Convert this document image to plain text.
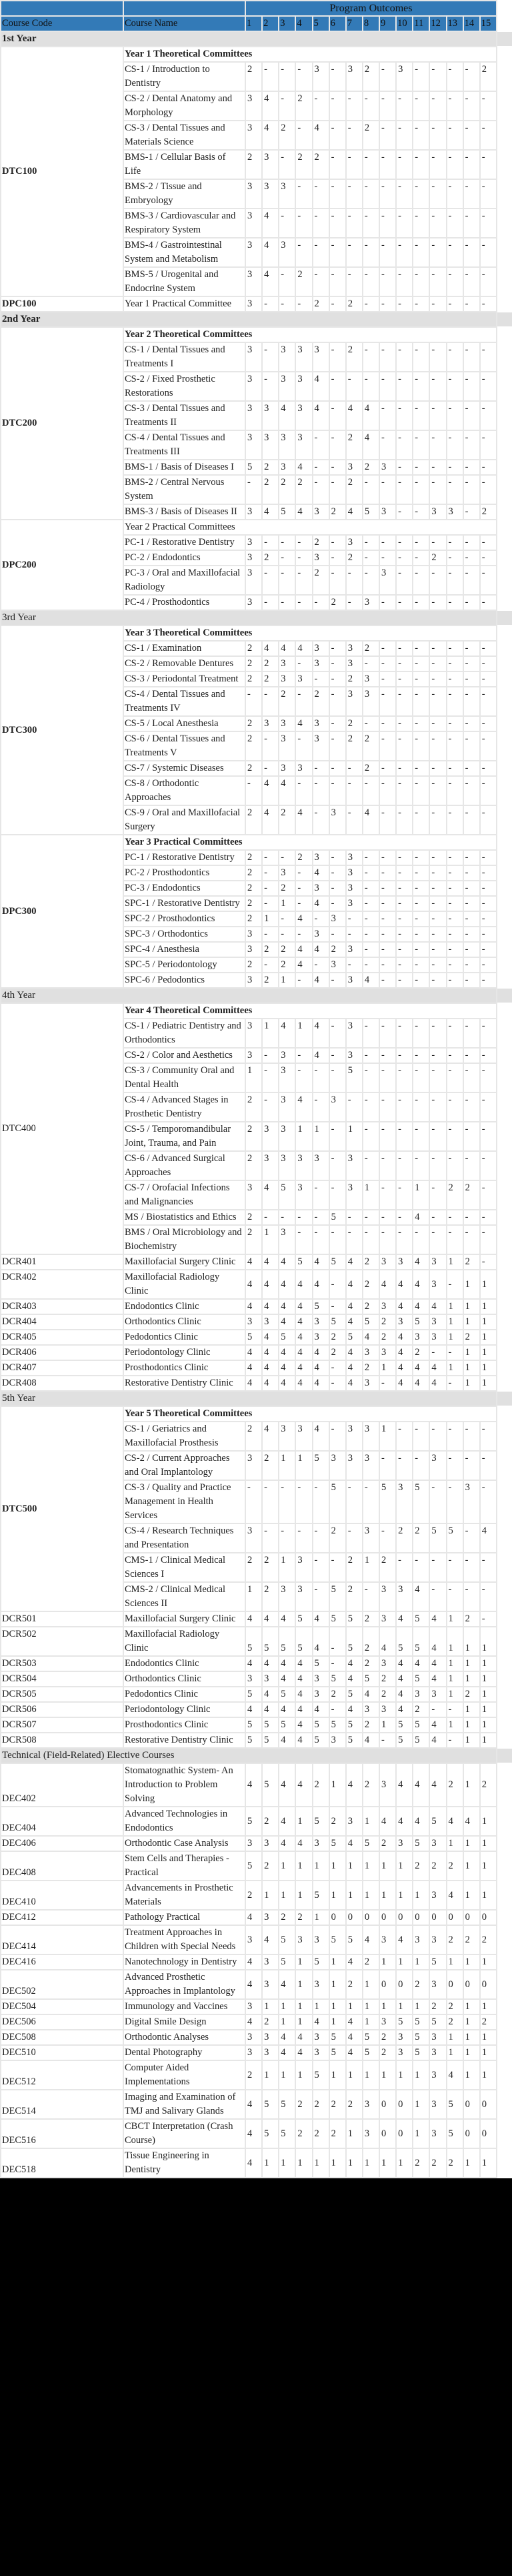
		Program Outcomes														
Course Code	Course Name	1	2	3	4	5	6	7	8	9	10	11	12	13	14	15
1st Year																
DTC100	Year 1 Theoretical Committees															
	CS-1 / Introduction to Dentistry	2	-	-	-	3	-	3	2	-	3	-	-	-	-	2
	CS-2 / Dental Anatomy and Morphology	3	4	-	2	-	-	-	-	-	-	-	-	-	-	-
	CS-3 / Dental Tissues and Materials Science	3	4	2	-	4	-	-	2	-	-	-	-	-	-	-
	BMS-1 / Cellular Basis of Life	2	3	-	2	2	-	-	-	-	-	-	-	-	-	-
	BMS-2 / Tissue and Embryology	3	3	3	-	-	-	-	-	-	-	-	-	-	-	-
	BMS-3 / Cardiovascular and Respiratory System	3	4	-	-	-	-	-	-	-	-	-	-	-	-	-
	BMS-4 / Gastrointestinal System and Metabolism	3	4	3	-	-	-	-	-	-	-	-	-	-	-	-
	BMS-5 / Urogenital and Endocrine System	3	4	-	2	-	-	-	-	-	-	-	-	-	-	-
DPC100	Year 1 Practical Committee	3	-	-	-	2	-	2	-	-	-	-	-	-	-	-
2nd Year																
DTC200	Year 2 Theoretical Committees															
	CS-1 / Dental Tissues and Treatments I	3	-	3	3	3	-	2	-	-	-	-	-	-	-	-
	CS-2 / Fixed Prosthetic Restorations	3	-	3	3	4	-	-	-	-	-	-	-	-	-	-
	CS-3 / Dental Tissues and Treatments II	3	3	4	3	4	-	4	4	-	-	-	-	-	-	-
	CS-4 / Dental Tissues and Treatments III	3	3	3	3	-	-	2	4	-	-	-	-	-	-	-
	BMS-1 / Basis of Diseases I	5	2	3	4	-	-	3	2	3	-	-	-	-	-	-
	BMS-2 / Central Nervous System	-	2	2	2	-	-	2	-	-	-	-	-	-	-	-
	BMS-3 / Basis of Diseases II	3	4	5	4	3	2	4	5	3	-	-	3	3	-	2
DPC200	Year 2 Practical Committees															
	PC-1 / Restorative Dentistry	3	-	-	-	2	-	3	-	-	-	-	-	-	-	-
	PC-2 / Endodontics	3	2	-	-	3	-	2	-	-	-	-	2	-	-	-
	PC-3 / Oral and Maxillofacial Radiology	3	-	-	-	2	-	-	-	3	-	-	-	-	-	-
	PC-4 / Prosthodontics	3	-	-	-	-	2	-	3	-	-	-	-	-	-	-
3rd Year																
DTC300	Year 3 Theoretical Committees															
	CS-1 / Examination	2	4	4	4	3	-	3	2	-	-	-	-	-	-	-
	CS-2 / Removable Dentures	2	2	3	-	3	-	3	-	-	-	-	-	-	-	-
	CS-3 / Periodontal Treatment	2	2	3	3	-	-	2	3	-	-	-	-	-	-	-
	CS-4 / Dental Tissues and Treatments IV	-	-	2	-	2	-	3	3	-	-	-	-	-	-	-
	CS-5 / Local Anesthesia	2	3	3	4	3	-	2	-	-	-	-	-	-	-	-
	CS-6 / Dental Tissues and Treatments V	2	-	3	-	3	-	2	2	-	-	-	-	-	-	-
	CS-7 / Systemic Diseases	2	-	3	3	-	-	-	2	-	-	-	-	-	-	-
	CS-8 / Orthodontic Approaches	-	4	4	-	-	-	-	-	-	-	-	-	-	-	-
	CS-9 / Oral and Maxillofacial Surgery	2	4	2	4	-	3	-	4	-	-	-	-	-	-	-
DPC300	Year 3 Practical Committees															
	PC-1 / Restorative Dentistry	2	-	-	2	3	-	3	-	-	-	-	-	-	-	-
	PC-2 / Prosthodontics	2	-	3	-	4	-	3	-	-	-	-	-	-	-	-
	PC-3 / Endodontics	2	-	2	-	3	-	3	-	-	-	-	-	-	-	-
	SPC-1 / Restorative Dentistry	2	-	1	-	4	-	3	-	-	-	-	-	-	-	-
	SPC-2 / Prosthodontics	2	1	-	4	-	3	-	-	-	-	-	-	-	-	-
	SPC-3 / Orthodontics	3	-	-	-	3	-	-	-	-	-	-	-	-	-	-
	SPC-4 / Anesthesia	3	2	2	4	4	2	3	-	-	-	-	-	-	-	-
	SPC-5 / Periodontology	2	-	2	4	-	3	-	-	-	-	-	-	-	-	-
	SPC-6 / Pedodontics	3	2	1	-	4	-	3	4	-	-	-	-	-	-	-
4th Year																
DTC400	Year 4 Theoretical Committees															
	CS-1 / Pediatric Dentistry and Orthodontics	3	1	4	1	4	-	3	-	-	-	-	-	-	-	-
	CS-2 / Color and Aesthetics	3	-	3	-	4	-	3	-	-	-	-	-	-	-	-
	CS-3 / Community Oral and Dental Health	1	-	3	-	-	-	5	-	-	-	-	-	-	-	-
	CS-4 / Advanced Stages in Prosthetic Dentistry	2	-	3	4	-	3	-	-	-	-	-	-	-	-	-
	CS-5 / Temporomandibular Joint, Trauma, and Pain	2	3	3	1	1	-	1	-	-	-	-	-	-	-	-
	CS-6 / Advanced Surgical Approaches	2	3	3	3	3	-	3	-	-	-	-	-	-	-	-
	CS-7 / Orofacial Infections and Malignancies	3	4	5	3	-	-	3	1	-	-	1	-	2	2	-
	MS / Biostatistics and Ethics	2	-	-	-	-	5	-	-	-	-	4	-	-	-	-
	BMS / Oral Microbiology and Biochemistry	2	1	3	-	-	-	-	-	-	-	-	-	-	-	-
DCR401	Maxillofacial Surgery Clinic	4	4	4	5	4	5	4	2	3	3	4	3	1	2	-
DCR402	Maxillofacial Radiology Clinic	4	4	4	4	4	-	4	2	4	4	4	3	-	1	1
DCR403	Endodontics Clinic	4	4	4	4	5	-	4	2	3	4	4	4	1	1	1
DCR404	Orthodontics Clinic	3	3	4	4	3	5	4	5	2	3	5	3	1	1	1
DCR405	Pedodontics Clinic	5	4	5	4	3	2	5	4	2	4	3	3	1	2	1
DCR406	Periodontology Clinic	4	4	4	4	4	2	4	3	3	4	2	-	-	1	1
DCR407	Prosthodontics Clinic	4	4	4	4	4	-	4	2	1	4	4	4	1	1	1
DCR408	Restorative Dentistry Clinic	4	4	4	4	4	-	4	3	-	4	4	4	-	1	1
5th Year																
DTC500	Year 5 Theoretical Committees															
	CS-1 / Geriatrics and Maxillofacial Prosthesis	2	4	3	3	4	-	3	3	1	-	-	-	-	-	-
	CS-2 / Current Approaches and Oral Implantology	3	2	1	1	5	3	3	3	-	-	-	3	-	-	-
	CS-3 / Quality and Practice Management in Health Services	-	-	-	-	-	5	-	-	5	3	5	-	-	3	-
	CS-4 / Research Techniques and Presentation	3	-	-	-	-	2	-	3	-	2	2	5	5	-	4
	CMS-1 / Clinical Medical Sciences I	2	2	1	3	-	-	2	1	2	-	-	-	-	-	-
	CMS-2 / Clinical Medical Sciences II	1	2	3	3	-	5	2	-	3	3	4	-	-	-	-
DCR501	Maxillofacial Surgery Clinic	4	4	4	5	4	5	5	2	3	4	5	4	1	2	-
DCR502	Maxillofacial Radiology Clinic	5	5	5	5	4	-	5	2	4	5	5	4	1	1	1
DCR503	Endodontics Clinic	4	4	4	4	5	-	4	2	3	4	4	4	1	1	1
DCR504	Orthodontics Clinic	3	3	4	4	3	5	4	5	2	4	5	4	1	1	1
DCR505	Pedodontics Clinic	5	4	5	4	3	2	5	4	2	4	3	3	1	2	1
DCR506	Periodontology Clinic	4	4	4	4	4	-	4	3	3	4	2	-	-	1	1
DCR507	Prosthodontics Clinic	5	5	5	4	5	5	5	2	1	5	5	4	1	1	1
DCR508	Restorative Dentistry Clinic	5	5	4	4	5	3	5	4	-	5	5	4	-	1	1
Technical (Field-Related) Elective Courses																
DEC402	Stomatognathic System- An Introduction to Problem Solving	4	5	4	4	2	1	4	2	3	4	4	4	2	1	2
DEC404	Advanced Technologies in Endodontics	5	2	4	1	5	2	3	1	4	4	4	5	4	4	1
DEC406	Orthodontic Case Analysis	3	3	4	4	3	5	4	5	2	3	5	3	1	1	1
DEC408	Stem Cells and Therapies - Practical	5	2	1	1	1	1	1	1	1	1	2	2	2	1	1
DEC410	Advancements in Prosthetic Materials	2	1	1	1	5	1	1	1	1	1	1	3	4	1	1
DEC412	Pathology Practical	4	3	2	2	1	0	0	0	0	0	0	0	0	0	0
DEC414	Treatment Approaches in Children with Special Needs	3	4	5	3	3	5	5	4	3	4	3	3	2	2	2
DEC416	Nanotechnology in Dentistry	4	3	5	1	5	1	4	2	1	1	1	5	1	1	1
DEC502	Advanced Prosthetic Approaches in Implantology	4	3	4	1	3	1	2	1	0	0	2	3	0	0	0
DEC504	Immunology and Vaccines	3	1	1	1	1	1	1	1	1	1	1	2	2	1	1
DEC506	Digital Smile Design	4	2	1	1	4	1	4	1	3	5	5	5	2	1	2
DEC508	Orthodontic Analyses	3	3	4	4	3	5	4	5	2	3	5	3	1	1	1
DEC510	Dental Photography	3	3	4	4	3	5	4	5	2	3	5	3	1	1	1
DEC512	Computer Aided Implementations	2	1	1	1	5	1	1	1	1	1	1	3	4	1	1
DEC514	Imaging and Examination of TMJ and Salivary Glands	4	5	5	2	2	2	2	3	0	0	1	3	5	0	0
DEC516	CBCT Interpretation (Crash Course)	4	5	5	2	2	2	1	3	0	0	1	3	5	0	0
DEC518	Tissue Engineering in Dentistry	4	1	1	1	1	1	1	1	1	1	2	2	2	1	1
